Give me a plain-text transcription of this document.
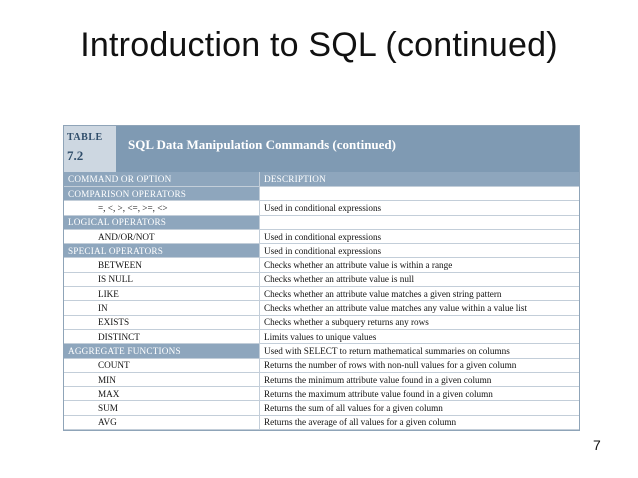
Introduction to SQL (continued)
TABLE
7.2
SQL Data Manipulation Commands (continued)
COMMAND OR OPTION	DESCRIPTION
COMPARISON OPERATORS	
=, <, >, <=, >=, <>	Used in conditional expressions
LOGICAL OPERATORS	
AND/OR/NOT	Used in conditional expressions
SPECIAL OPERATORS	Used in conditional expressions
BETWEEN	Checks whether an attribute value is within a range
IS NULL	Checks whether an attribute value is null
LIKE	Checks whether an attribute value matches a given string pattern
IN	Checks whether an attribute value matches any value within a value list
EXISTS	Checks whether a subquery returns any rows
DISTINCT	Limits values to unique values
AGGREGATE FUNCTIONS	Used with SELECT to return mathematical summaries on columns
COUNT	Returns the number of rows with non-null values for a given column
MIN	Returns the minimum attribute value found in a given column
MAX	Returns the maximum attribute value found in a given column
SUM	Returns the sum of all values for a given column
AVG	Returns the average of all values for a given column
7
